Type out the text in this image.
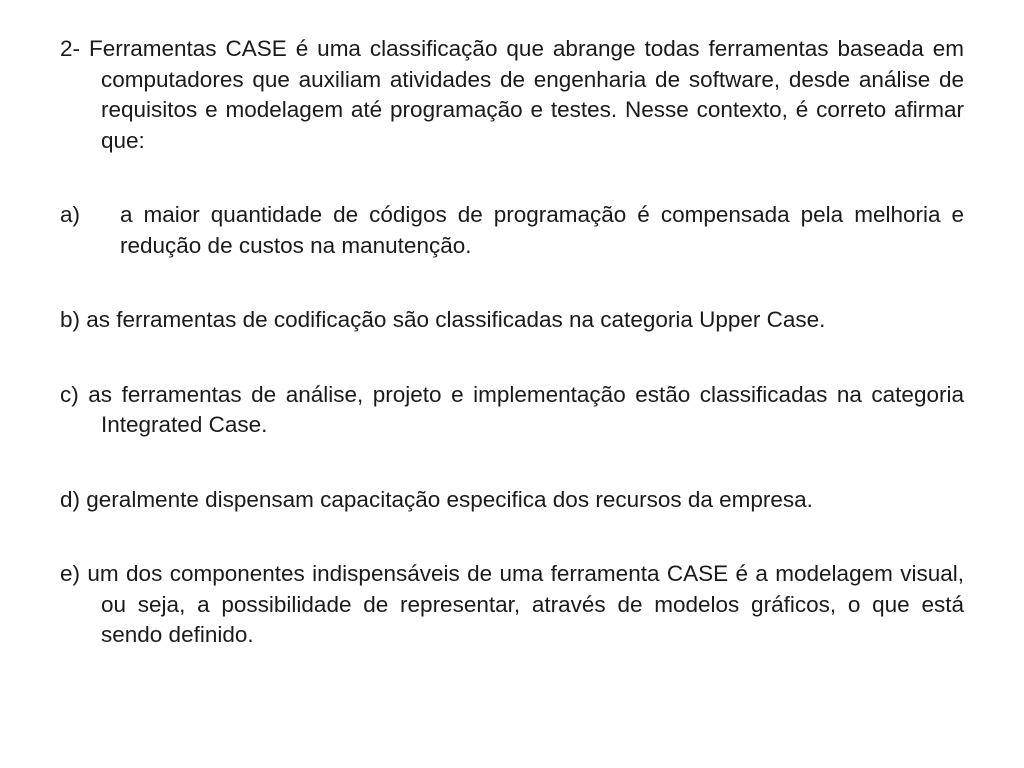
2- Ferramentas CASE é uma classificação que abrange todas ferramentas baseada em computadores que auxiliam atividades de engenharia de software, desde análise de requisitos e modelagem até programação e testes. Nesse contexto, é correto afirmar que:

a)	a maior quantidade de códigos de programação é compensada pela melhoria e redução de custos na manutenção.

b) as ferramentas de codificação são classificadas na categoria Upper Case.

c) as ferramentas de análise, projeto e implementação estão classificadas na categoria Integrated Case.

d) geralmente dispensam capacitação especifica dos recursos da empresa.

e) um dos componentes indispensáveis de uma ferramenta CASE é a modelagem visual, ou seja, a possibilidade de representar, através de modelos gráficos, o que está sendo definido.
